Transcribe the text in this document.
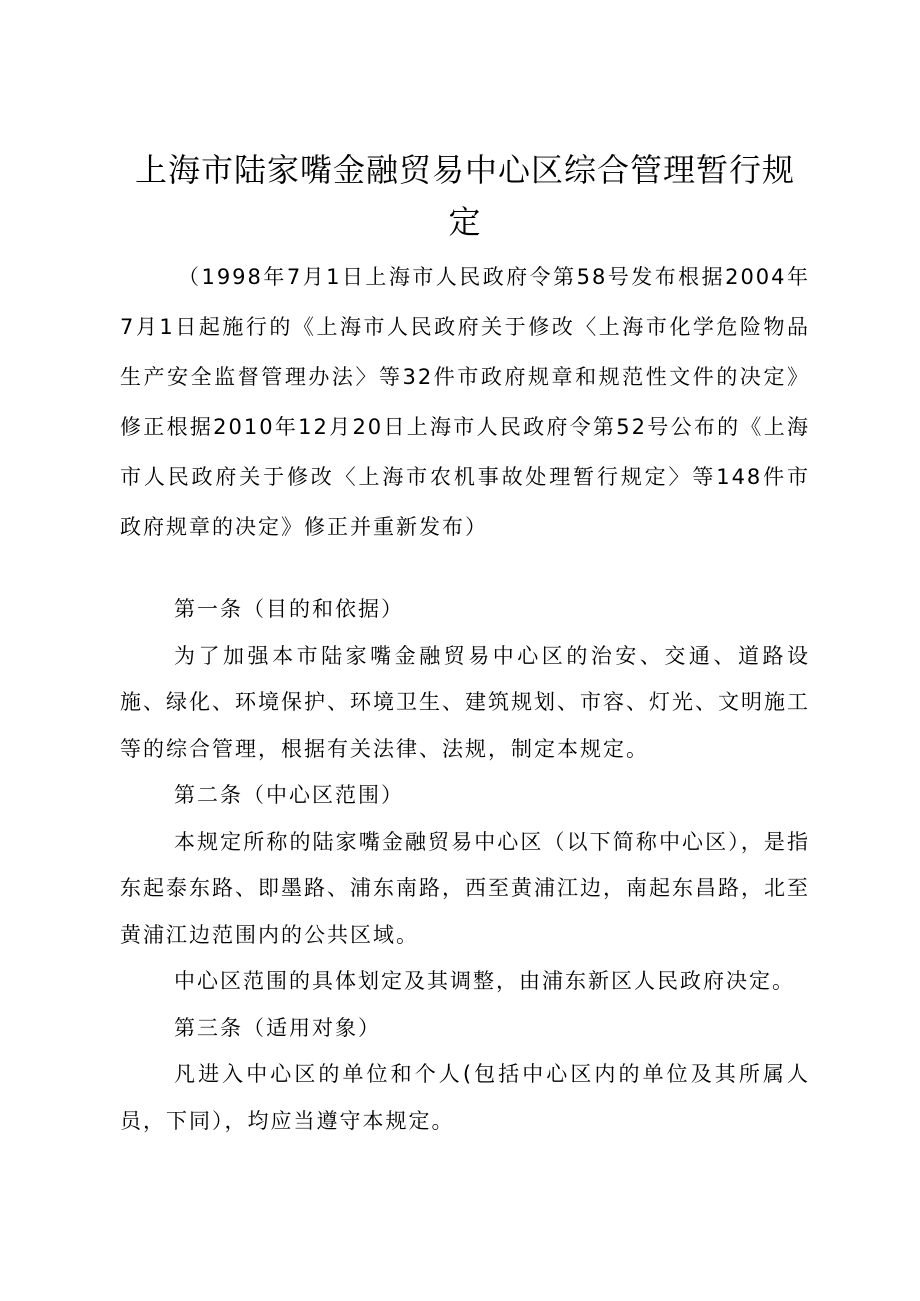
上海市陆家嘴金融贸易中心区综合管理暂行规定

（1998年7月1日上海市人民政府令第58号发布根据2004年7月1日起施行的《上海市人民政府关于修改〈上海市化学危险物品生产安全监督管理办法〉等32件市政府规章和规范性文件的决定》修正根据2010年12月20日上海市人民政府令第52号公布的《上海市人民政府关于修改〈上海市农机事故处理暂行规定〉等148件市政府规章的决定》修正并重新发布）

第一条（目的和依据）

为了加强本市陆家嘴金融贸易中心区的治安、交通、道路设施、绿化、环境保护、环境卫生、建筑规划、市容、灯光、文明施工等的综合管理，根据有关法律、法规，制定本规定。

第二条（中心区范围）

本规定所称的陆家嘴金融贸易中心区（以下简称中心区），是指东起泰东路、即墨路、浦东南路，西至黄浦江边，南起东昌路，北至黄浦江边范围内的公共区域。

中心区范围的具体划定及其调整，由浦东新区人民政府决定。

第三条（适用对象）

凡进入中心区的单位和个人(包括中心区内的单位及其所属人员，下同），均应当遵守本规定。
